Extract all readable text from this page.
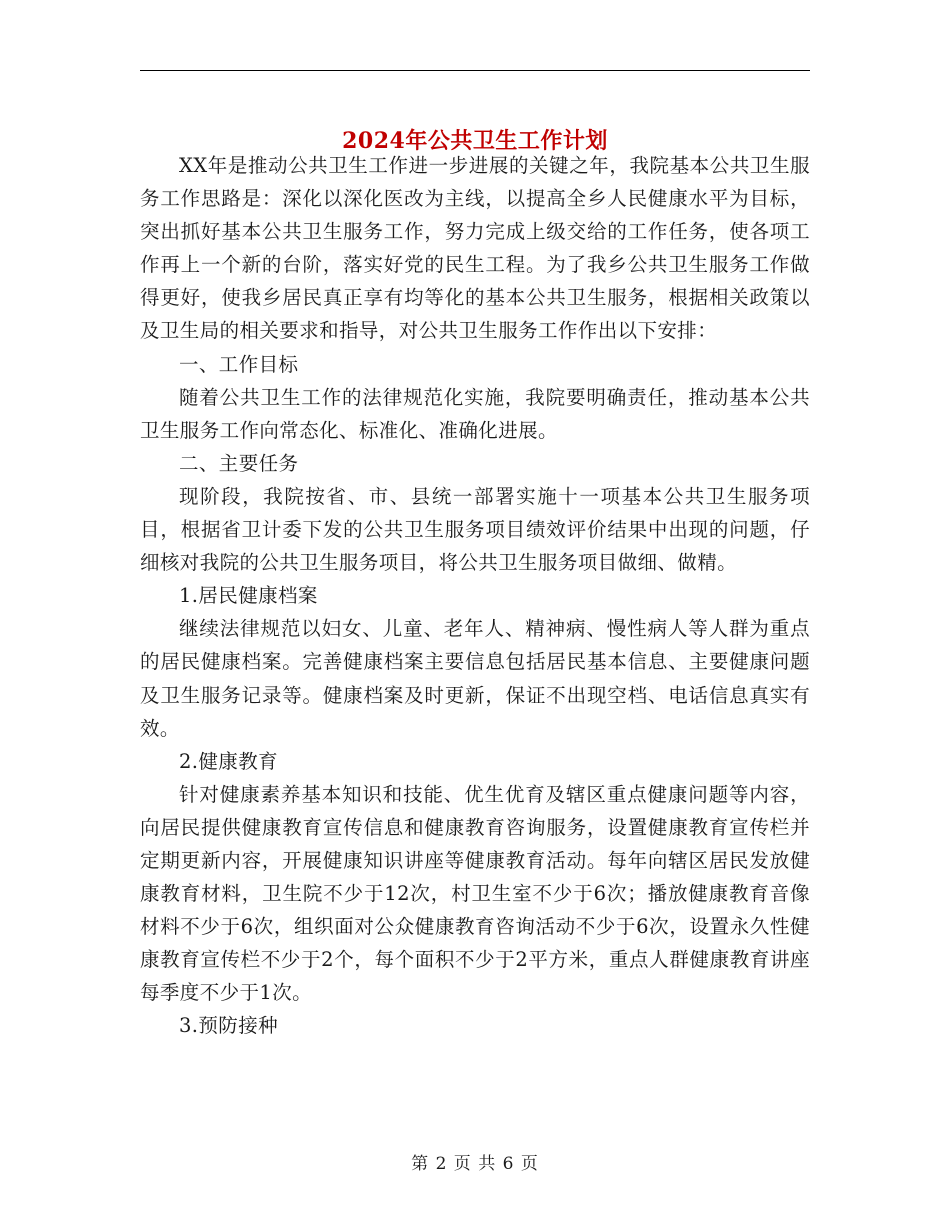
2024年公共卫生工作计划

XX年是推动公共卫生工作进一步进展的关键之年，我院基本公共卫生服务工作思路是：深化以深化医改为主线，以提高全乡人民健康水平为目标，突出抓好基本公共卫生服务工作，努力完成上级交给的工作任务，使各项工作再上一个新的台阶，落实好党的民生工程。为了我乡公共卫生服务工作做得更好，使我乡居民真正享有均等化的基本公共卫生服务，根据相关政策以及卫生局的相关要求和指导，对公共卫生服务工作作出以下安排：

一、工作目标

随着公共卫生工作的法律规范化实施，我院要明确责任，推动基本公共卫生服务工作向常态化、标准化、准确化进展。

二、主要任务

现阶段，我院按省、市、县统一部署实施十一项基本公共卫生服务项目，根据省卫计委下发的公共卫生服务项目绩效评价结果中出现的问题，仔细核对我院的公共卫生服务项目，将公共卫生服务项目做细、做精。

1.居民健康档案

继续法律规范以妇女、儿童、老年人、精神病、慢性病人等人群为重点的居民健康档案。完善健康档案主要信息包括居民基本信息、主要健康问题及卫生服务记录等。健康档案及时更新，保证不出现空档、电话信息真实有效。

2.健康教育

针对健康素养基本知识和技能、优生优育及辖区重点健康问题等内容，向居民提供健康教育宣传信息和健康教育咨询服务，设置健康教育宣传栏并定期更新内容，开展健康知识讲座等健康教育活动。每年向辖区居民发放健康教育材料，卫生院不少于12次，村卫生室不少于6次；播放健康教育音像材料不少于6次，组织面对公众健康教育咨询活动不少于6次，设置永久性健康教育宣传栏不少于2个，每个面积不少于2平方米，重点人群健康教育讲座每季度不少于1次。

3.预防接种

第 2 页 共 6 页
